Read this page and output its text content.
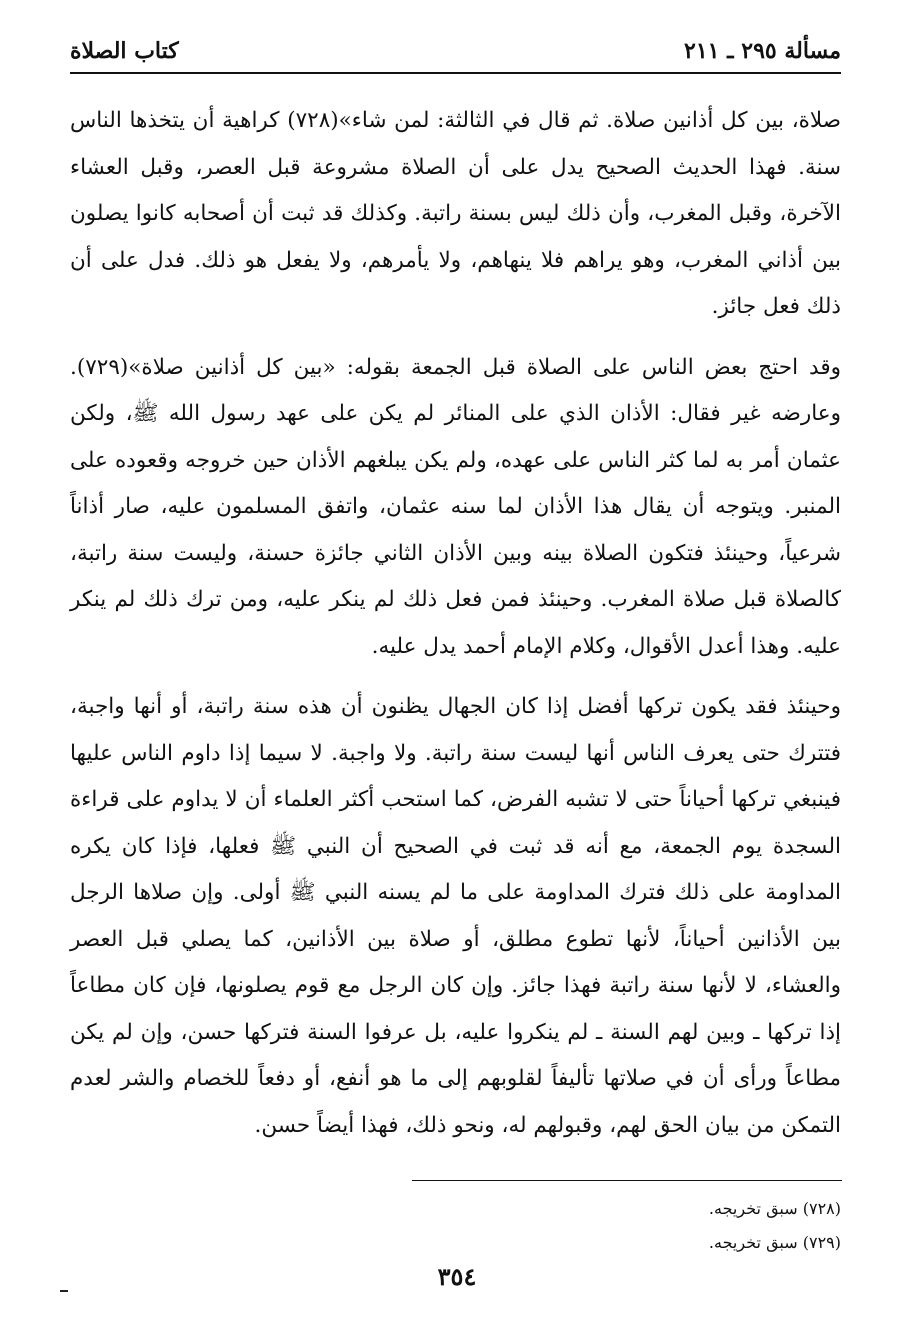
مسألة ٢٩٥ ـ ٢١١
كتاب الصلاة

صلاة، بين كل أذانين صلاة. ثم قال في الثالثة: لمن شاء»(٧٢٨) كراهية أن يتخذها الناس سنة. فهذا الحديث الصحيح يدل على أن الصلاة مشروعة قبل العصر، وقبل العشاء الآخرة، وقبل المغرب، وأن ذلك ليس بسنة راتبة. وكذلك قد ثبت أن أصحابه كانوا يصلون بين أذاني المغرب، وهو يراهم فلا ينهاهم، ولا يأمرهم، ولا يفعل هو ذلك. فدل على أن ذلك فعل جائز.

وقد احتج بعض الناس على الصلاة قبل الجمعة بقوله: «بين كل أذانين صلاة»(٧٢٩). وعارضه غير فقال: الأذان الذي على المنائر لم يكن على عهد رسول الله ﷺ، ولكن عثمان أمر به لما كثر الناس على عهده، ولم يكن يبلغهم الأذان حين خروجه وقعوده على المنبر. ويتوجه أن يقال هذا الأذان لما سنه عثمان، واتفق المسلمون عليه، صار أذاناً شرعياً، وحينئذ فتكون الصلاة بينه وبين الأذان الثاني جائزة حسنة، وليست سنة راتبة، كالصلاة قبل صلاة المغرب. وحينئذ فمن فعل ذلك لم ينكر عليه، ومن ترك ذلك لم ينكر عليه. وهذا أعدل الأقوال، وكلام الإمام أحمد يدل عليه.

وحينئذ فقد يكون تركها أفضل إذا كان الجهال يظنون أن هذه سنة راتبة، أو أنها واجبة، فتترك حتى يعرف الناس أنها ليست سنة راتبة. ولا واجبة. لا سيما إذا داوم الناس عليها فينبغي تركها أحياناً حتى لا تشبه الفرض، كما استحب أكثر العلماء أن لا يداوم على قراءة السجدة يوم الجمعة، مع أنه قد ثبت في الصحيح أن النبي ﷺ فعلها، فإذا كان يكره المداومة على ذلك فترك المداومة على ما لم يسنه النبي ﷺ أولى. وإن صلاها الرجل بين الأذانين أحياناً، لأنها تطوع مطلق، أو صلاة بين الأذانين، كما يصلي قبل العصر والعشاء، لا لأنها سنة راتبة فهذا جائز. وإن كان الرجل مع قوم يصلونها، فإن كان مطاعاً إذا تركها ـ وبين لهم السنة ـ لم ينكروا عليه، بل عرفوا السنة فتركها حسن، وإن لم يكن مطاعاً ورأى أن في صلاتها تأليفاً لقلوبهم إلى ما هو أنفع، أو دفعاً للخصام والشر لعدم التمكن من بيان الحق لهم، وقبولهم له، ونحو ذلك، فهذا أيضاً حسن.

(٧٢٨) سبق تخريجه.

(٧٢٩) سبق تخريجه.

٣٥٤
